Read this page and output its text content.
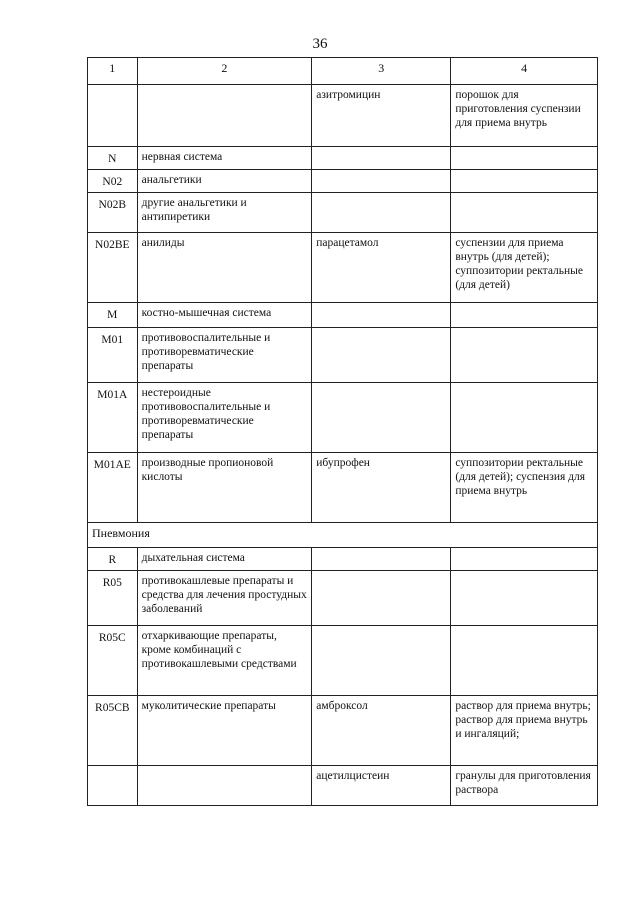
36
1	2	3	4
		азитромицин	порошок для приготовления суспензии для приема внутрь
N	нервная система		
N02	анальгетики		
N02B	другие анальгетики и антипиретики		
N02BE	анилиды	парацетамол	суспензии для приема внутрь (для детей); суппозитории ректальные (для детей)
M	костно-мышечная система		
M01	противовоспалительные и противоревматические препараты		
M01A	нестероидные противовоспалительные и противоревматические препараты		
M01AE	производные пропионовой кислоты	ибупрофен	суппозитории ректальные (для детей); суспензия для приема внутрь
Пневмония			
R	дыхательная система		
R05	противокашлевые препараты и средства для лечения простудных заболеваний		
R05C	отхаркивающие препараты, кроме комбинаций с противокашлевыми средствами		
R05CB	муколитические препараты	амброксол	раствор для приема внутрь; раствор для приема внутрь и ингаляций;
		ацетилцистеин	гранулы для приготовления раствора
